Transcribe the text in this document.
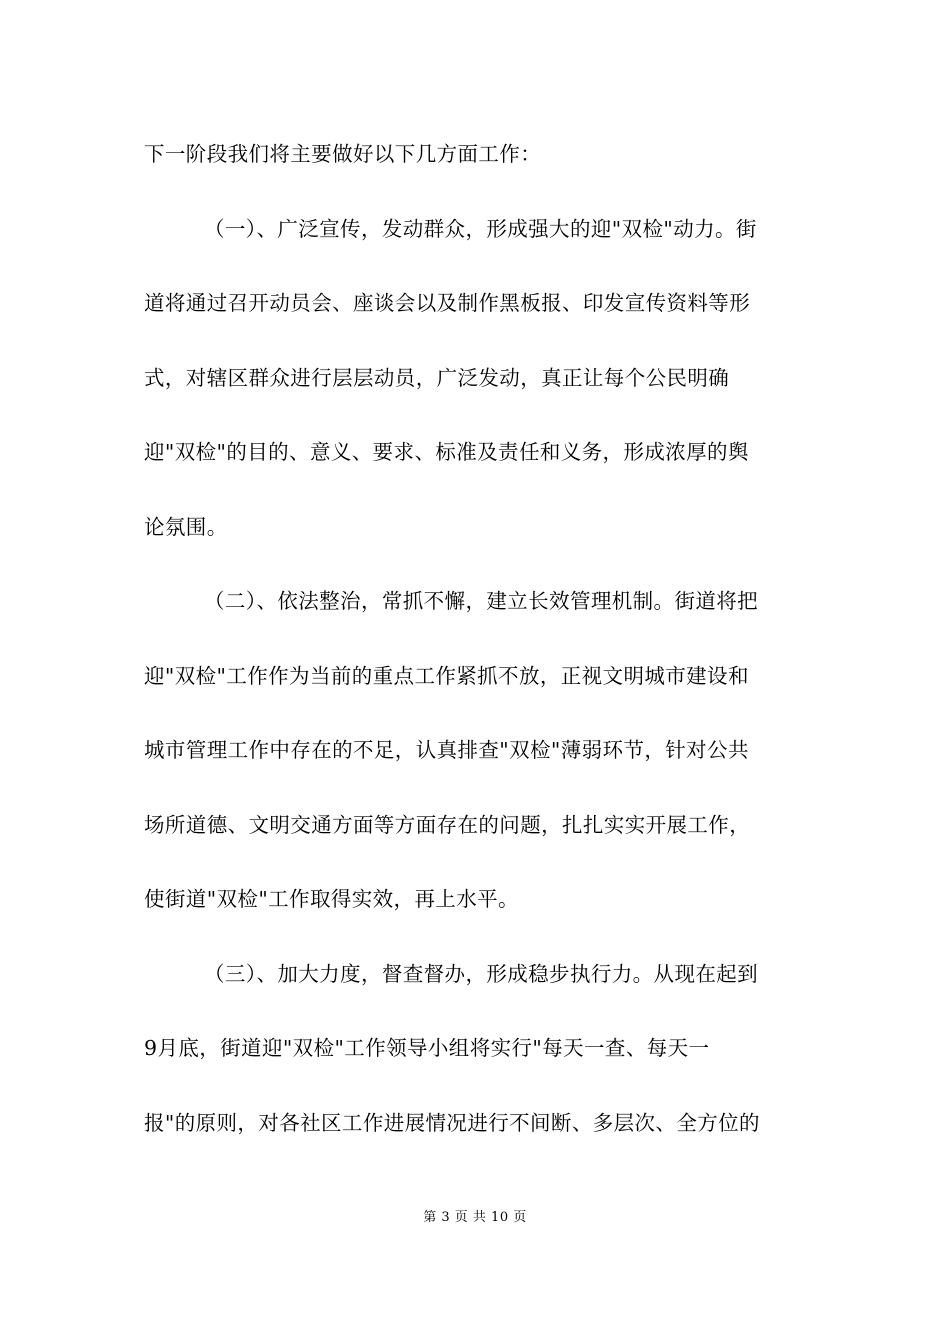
下一阶段我们将主要做好以下几方面工作：
（一）、广泛宣传，发动群众，形成强大的迎"双检"动力。街
道将通过召开动员会、座谈会以及制作黑板报、印发宣传资料等形
式，对辖区群众进行层层动员，广泛发动，真正让每个公民明确
迎"双检"的目的、意义、要求、标准及责任和义务，形成浓厚的舆
论氛围。
（二）、依法整治，常抓不懈，建立长效管理机制。街道将把
迎"双检"工作作为当前的重点工作紧抓不放，正视文明城市建设和
城市管理工作中存在的不足，认真排查"双检"薄弱环节，针对公共
场所道德、文明交通方面等方面存在的问题，扎扎实实开展工作，
使街道"双检"工作取得实效，再上水平。
（三）、加大力度，督查督办，形成稳步执行力。从现在起到
9月底，街道迎"双检"工作领导小组将实行"每天一查、每天一
报"的原则，对各社区工作进展情况进行不间断、多层次、全方位的
第 3 页 共 10 页
